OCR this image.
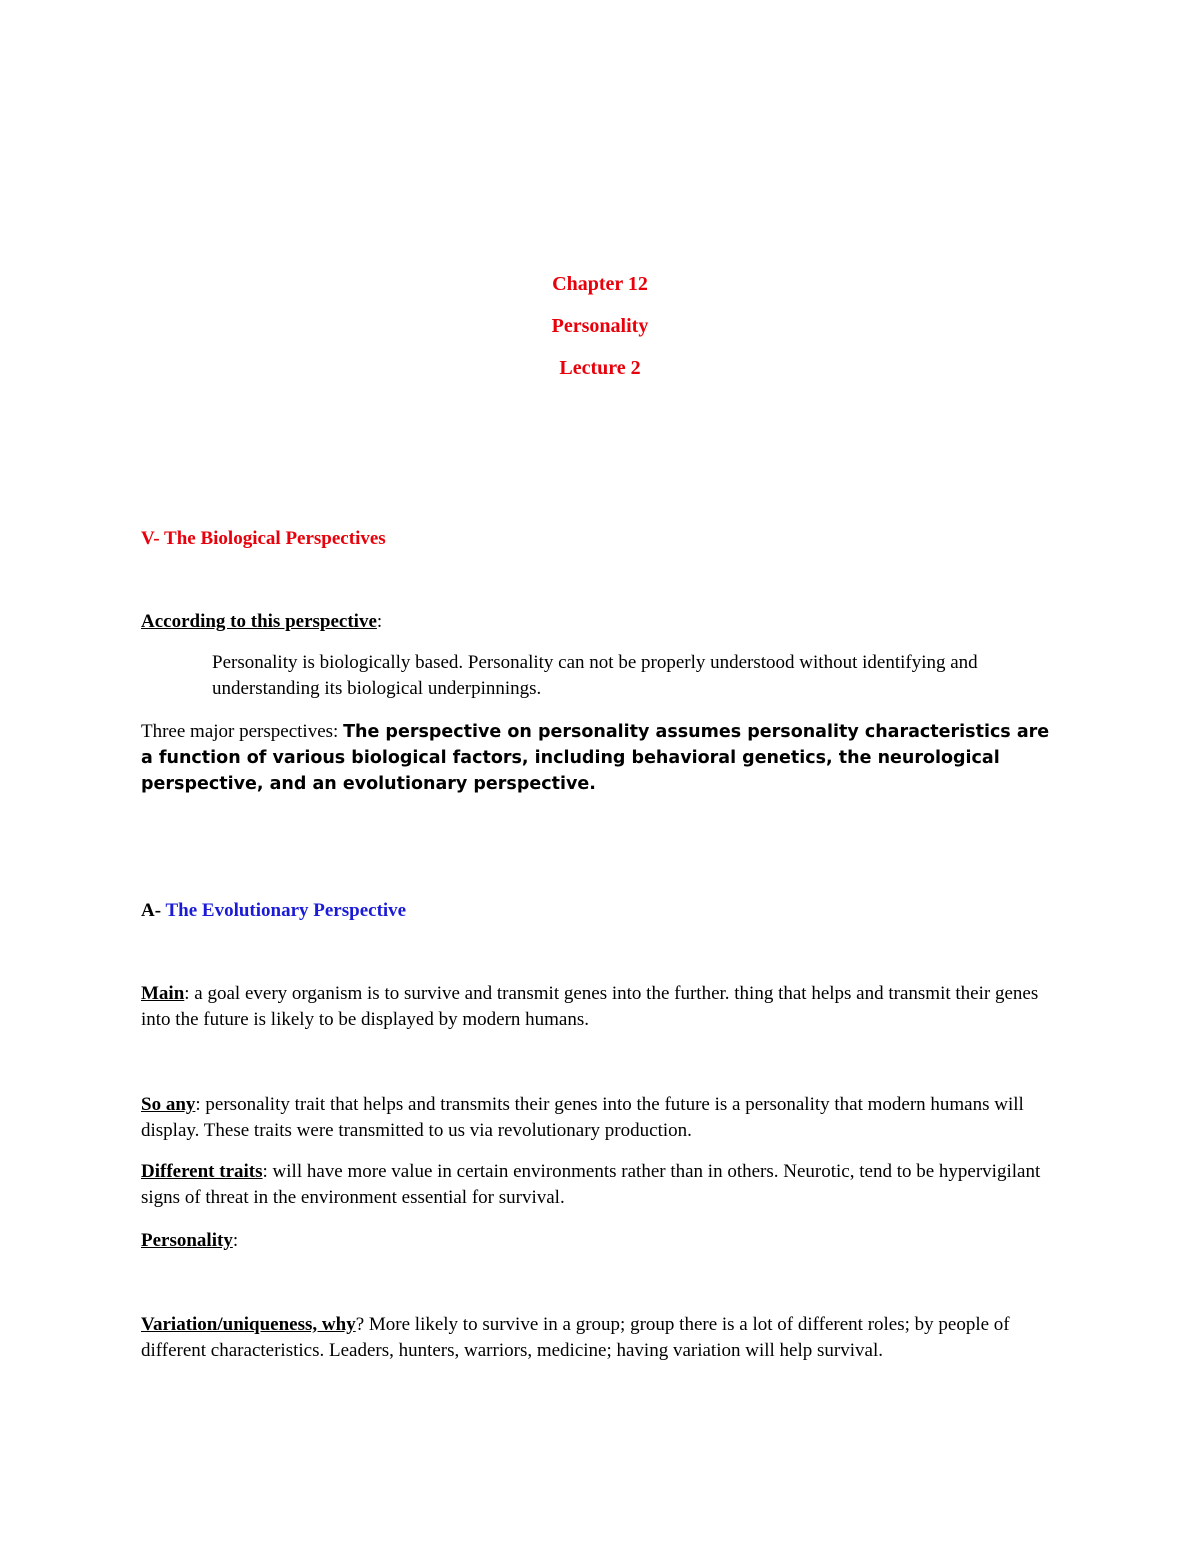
Chapter 12
Personality
Lecture 2
V- The Biological Perspectives
According to this perspective:
Personality is biologically based. Personality can not be properly understood without identifying and understanding its biological underpinnings.
Three major perspectives: The perspective on personality assumes personality characteristics are a function of various biological factors, including behavioral genetics, the neurological perspective, and an evolutionary perspective.
A- The Evolutionary Perspective
Main: a goal every organism is to survive and transmit genes into the further. thing that helps and transmit their genes into the future is likely to be displayed by modern humans.
So any: personality trait that helps and transmits their genes into the future is a personality that modern humans will display. These traits were transmitted to us via revolutionary production.
Different traits: will have more value in certain environments rather than in others. Neurotic, tend to be hypervigilant signs of threat in the environment essential for survival.
Personality:
Variation/uniqueness, why? More likely to survive in a group; group there is a lot of different roles; by people of different characteristics. Leaders, hunters, warriors, medicine; having variation will help survival.
